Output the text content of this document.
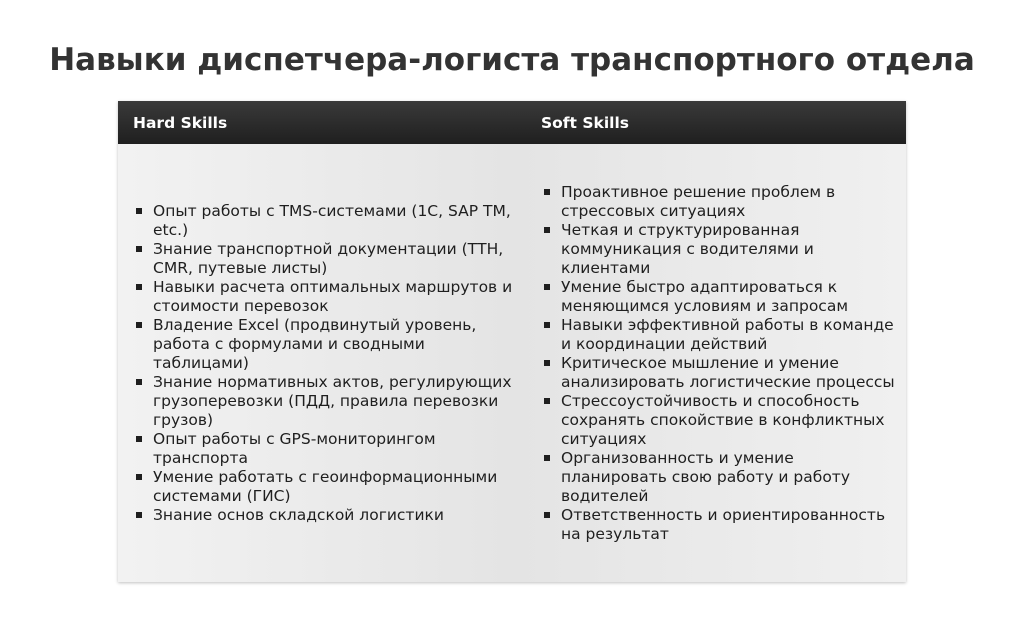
Навыки диспетчера-логиста транспортного отдела
Hard Skills	Soft Skills
Опыт работы с TMS-системами (1С, SAP TM, etc.)
Знание транспортной документации (ТТН, CMR, путевые листы)
Навыки расчета оптимальных маршрутов и стоимости перевозок
Владение Excel (продвинутый уровень, работа с формулами и сводными таблицами)
Знание нормативных актов, регулирующих грузоперевозки (ПДД, правила перевозки грузов)
Опыт работы с GPS-мониторингом транспорта
Умение работать с геоинформационными системами (ГИС)
Знание основ складской логистики
Проактивное решение проблем в стрессовых ситуациях
Четкая и структурированная коммуникация с водителями и клиентами
Умение быстро адаптироваться к меняющимся условиям и запросам
Навыки эффективной работы в команде и координации действий
Критическое мышление и умение анализировать логистические процессы
Стрессоустойчивость и способность сохранять спокойствие в конфликтных ситуациях
Организованность и умение планировать свою работу и работу водителей
Ответственность и ориентированность на результат
